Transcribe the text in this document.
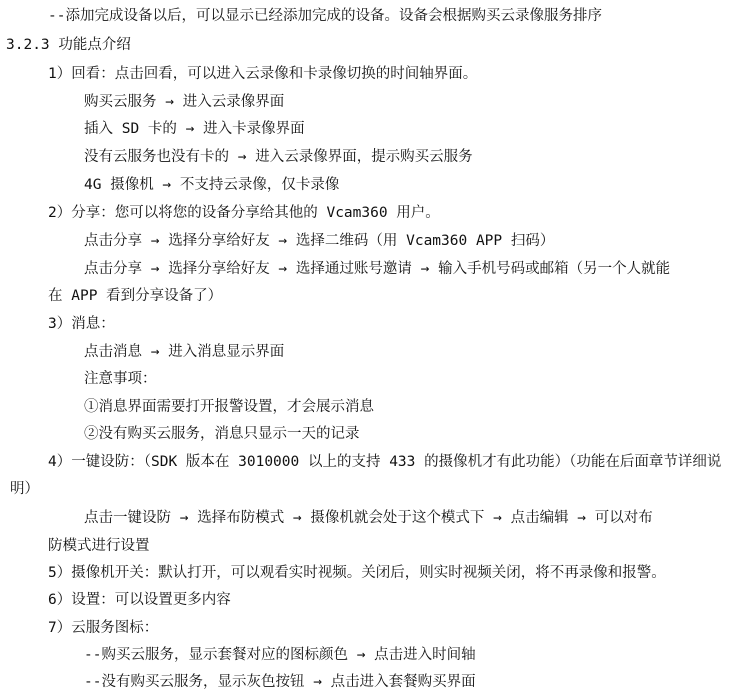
--添加完成设备以后，可以显示已经添加完成的设备。设备会根据购买云录像服务排序
3.2.3 功能点介绍
1）回看：点击回看，可以进入云录像和卡录像切换的时间轴界面。
购买云服务 → 进入云录像界面
插入 SD 卡的 → 进入卡录像界面
没有云服务也没有卡的 → 进入云录像界面，提示购买云服务
4G 摄像机 → 不支持云录像，仅卡录像
2）分享：您可以将您的设备分享给其他的 Vcam360 用户。
点击分享 → 选择分享给好友 → 选择二维码（用 Vcam360 APP 扫码）
点击分享 → 选择分享给好友 → 选择通过账号邀请 → 输入手机号码或邮箱（另一个人就能
在 APP 看到分享设备了）
3）消息：
点击消息 → 进入消息显示界面
注意事项：
①消息界面需要打开报警设置，才会展示消息
②没有购买云服务，消息只显示一天的记录
4）一键设防：（SDK 版本在 3010000 以上的支持 433 的摄像机才有此功能）（功能在后面章节详细说
明）
点击一键设防 → 选择布防模式 → 摄像机就会处于这个模式下 → 点击编辑 → 可以对布
防模式进行设置
5）摄像机开关：默认打开，可以观看实时视频。关闭后，则实时视频关闭，将不再录像和报警。
6）设置：可以设置更多内容
7）云服务图标：
--购买云服务，显示套餐对应的图标颜色 → 点击进入时间轴
--没有购买云服务，显示灰色按钮 → 点击进入套餐购买界面
